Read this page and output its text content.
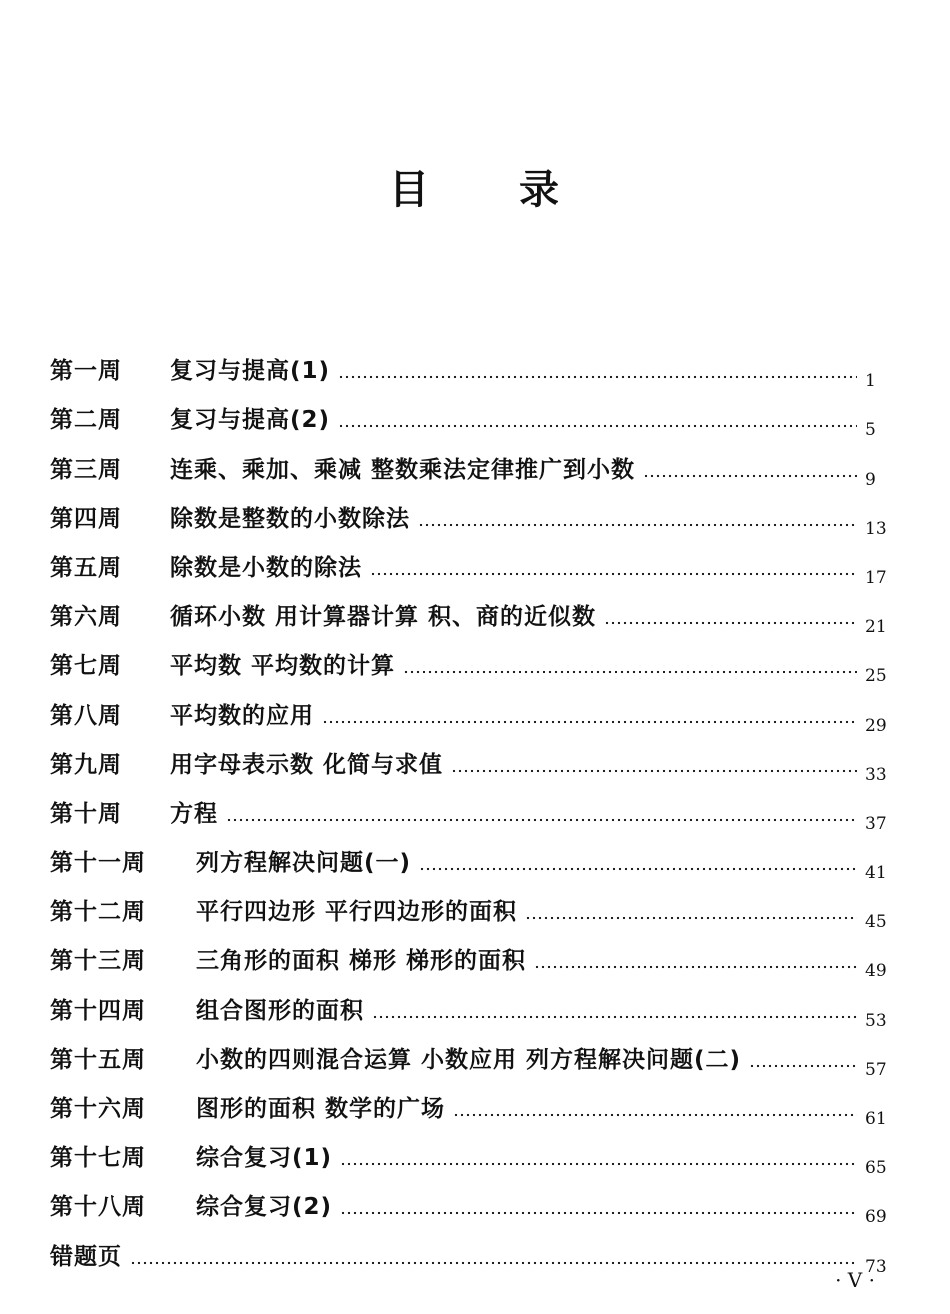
目 录
第一周	复习与提高(1)	1
第二周	复习与提高(2)	5
第三周	连乘、乘加、乘减 整数乘法定律推广到小数	9
第四周	除数是整数的小数除法	13
第五周	除数是小数的除法	17
第六周	循环小数 用计算器计算 积、商的近似数	21
第七周	平均数 平均数的计算	25
第八周	平均数的应用	29
第九周	用字母表示数 化简与求值	33
第十周	方程	37
第十一周	列方程解决问题(一)	41
第十二周	平行四边形 平行四边形的面积	45
第十三周	三角形的面积 梯形 梯形的面积	49
第十四周	组合图形的面积	53
第十五周	小数的四则混合运算 小数应用 列方程解决问题(二)	57
第十六周	图形的面积 数学的广场	61
第十七周	综合复习(1)	65
第十八周	综合复习(2)	69
错题页	73
· V ·
